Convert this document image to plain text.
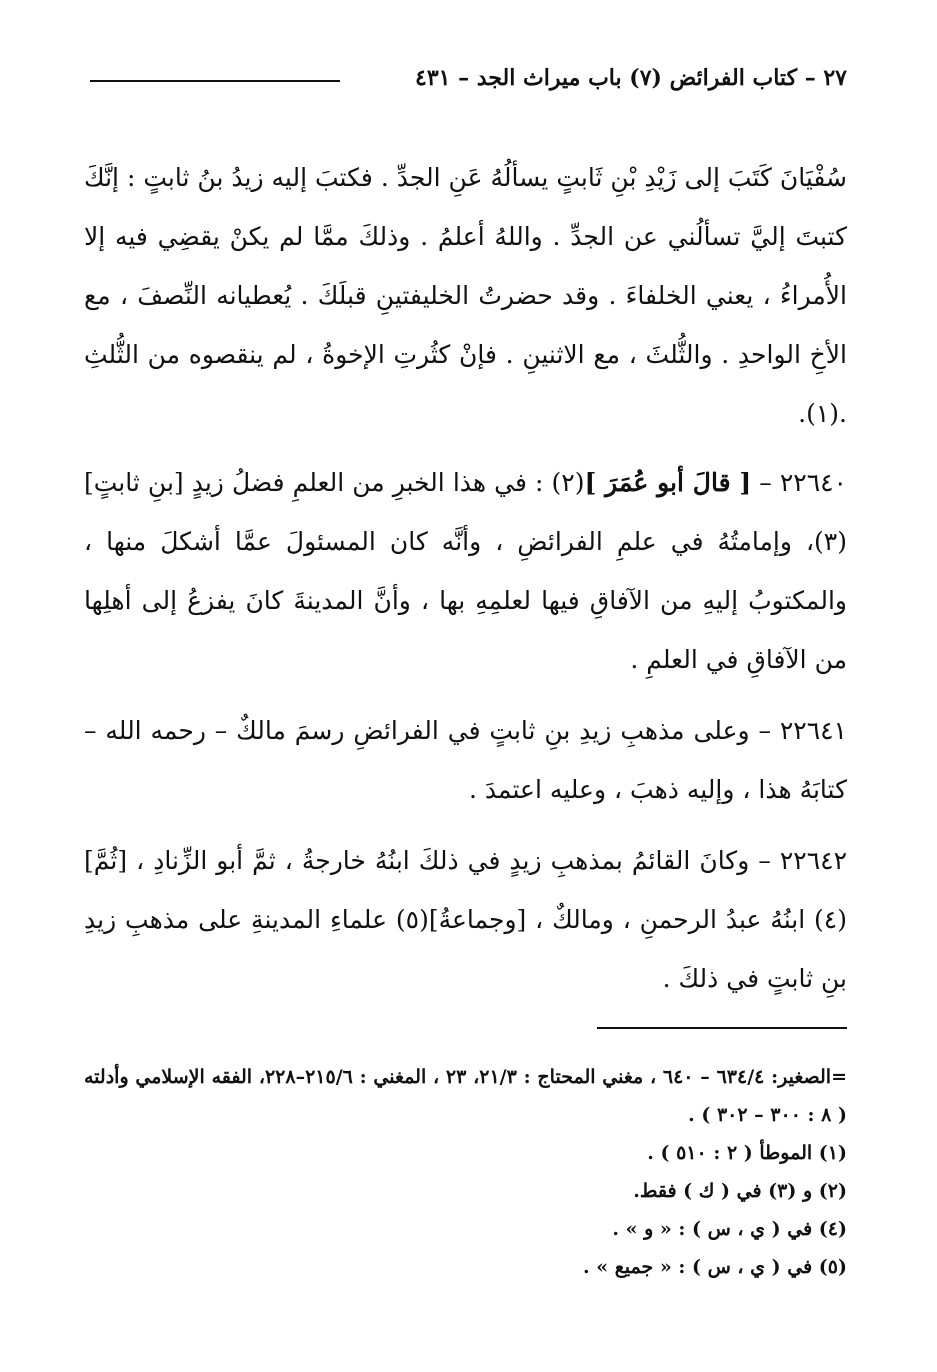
٢٧ – كتاب الفرائض (٧) باب ميراث الجد – ٤٣١

سُفْيَانَ كَتَبَ إلى زَيْدِ بْنِ ثَابتٍ يسألُهُ عَنِ الجدِّ . فكتبَ إليه زيدُ بنُ ثابتٍ : إنَّكَ كتبتَ إليَّ تسألُني عن الجدِّ . واللهُ أعلمُ . وذلكَ ممَّا لم يكنْ يقضِي فيه إلا الأُمراءُ ، يعني الخلفاءَ . وقد حضرتُ الخليفتينِ قبلَكَ . يُعطيانه النِّصفَ ، مع الأخِ الواحدِ . والثُّلثَ ، مع الاثنينِ . فإنْ كثُرتِ الإخوةُ ، لم ينقصوه من الثُّلثِ .(١).

٢٢٦٤٠ – [ قالَ أبو عُمَرَ ](٢) : في هذا الخبرِ من العلمِ فضلُ زيدٍ [بنِ ثابتٍ](٣)، وإمامتُهُ في علمِ الفرائضِ ، وأنَّه كان المسئولَ عمَّا أشكلَ منها ، والمكتوبُ إليهِ من الآفاقِ فيها لعلمِهِ بها ، وأنَّ المدينةَ كانَ يفزعُ إلى أهلِها من الآفاقِ في العلمِ .

٢٢٦٤١ – وعلى مذهبِ زيدِ بنِ ثابتٍ في الفرائضِ رسمَ مالكٌ – رحمه الله – كتابَهُ هذا ، وإليه ذهبَ ، وعليه اعتمدَ .

٢٢٦٤٢ – وكانَ القائمُ بمذهبِ زيدٍ في ذلكَ ابنُهُ خارجةُ ، ثمَّ أبو الزِّنادِ ، [ثُمَّ](٤) ابنُهُ عبدُ الرحمنِ ، ومالكٌ ، [وجماعةُ](٥) علماءِ المدينةِ على مذهبِ زيدِ بنِ ثابتٍ في ذلكَ .

=الصغير: ٦٣٤/٤ – ٦٤٠ ، مغني المحتاج : ٢١/٣، ٢٣ ، المغني : ٢١٥/٦–٢٢٨، الفقه الإسلامي وأدلته ( ٨ : ٣٠٠ – ٣٠٢ ) .

(١) الموطأ ( ٢ : ٥١٠ ) .

(٢) و (٣) في ( ك ) فقط.

(٤) في ( ي ، س ) : « و » .

(٥) في ( ي ، س ) : « جميع » .
